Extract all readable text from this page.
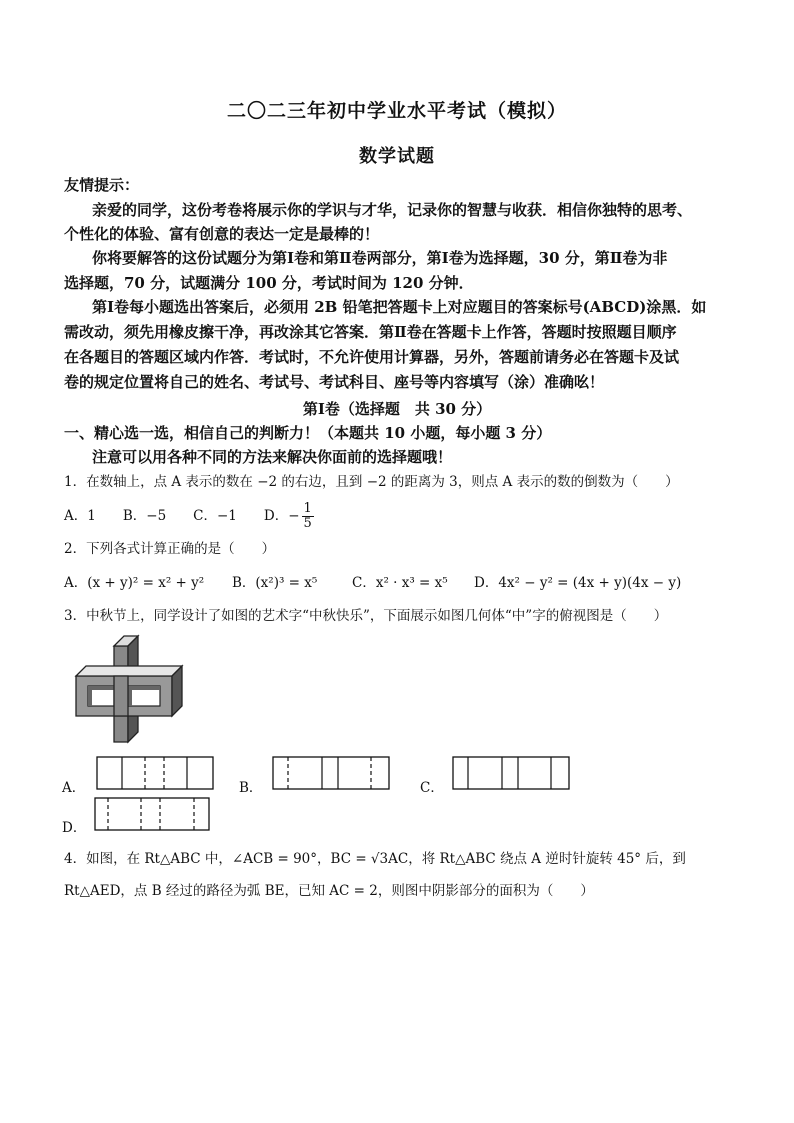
二〇二三年初中学业水平考试（模拟）
数学试题
友情提示：
亲爱的同学，这份考卷将展示你的学识与才华，记录你的智慧与收获．相信你独特的思考、
个性化的体验、富有创意的表达一定是最棒的！
你将要解答的这份试题分为第Ⅰ卷和第Ⅱ卷两部分，第Ⅰ卷为选择题，30 分，第Ⅱ卷为非
选择题，70 分，试题满分 100 分，考试时间为 120 分钟．
第Ⅰ卷每小题选出答案后，必须用 2B 铅笔把答题卡上对应题目的答案标号(ABCD)涂黑．如
需改动，须先用橡皮擦干净，再改涂其它答案．第Ⅱ卷在答题卡上作答，答题时按照题目顺序
在各题目的答题区域内作答．考试时，不允许使用计算器，另外，答题前请务必在答题卡及试
卷的规定位置将自己的姓名、考试号、考试科目、座号等内容填写（涂）准确吆！
第Ⅰ卷（选择题　共 30 分）
一、精心选一选，相信自己的判断力！（本题共 10 小题，每小题 3 分）
注意可以用各种不同的方法来解决你面前的选择题哦！
1．在数轴上，点 A 表示的数在 −2 的右边，且到 −2 的距离为 3，则点 A 表示的数的倒数为（　　）
A．1　　B．−5　　C．−1　　D．− $\frac{1}{5}$
2．下列各式计算正确的是（　　）
A．(x + y)² = x² + y² B．(x²)³ = x⁵	C．x² · x³ = x⁵ D．4x² − y² = (4x + y)(4x − y)
3．中秋节上，同学设计了如图的艺术字“中秋快乐”，下面展示如图几何体“中”字的俯视图是（　　）
A．	B．	C．
D．
4．如图，在 Rt△ABC 中，∠ACB = 90°，BC = √3AC，将 Rt△ABC 绕点 A 逆时针旋转 45° 后，到
Rt△AED，点 B 经过的路径为弧 BE，已知 AC = 2，则图中阴影部分的面积为（　　）
